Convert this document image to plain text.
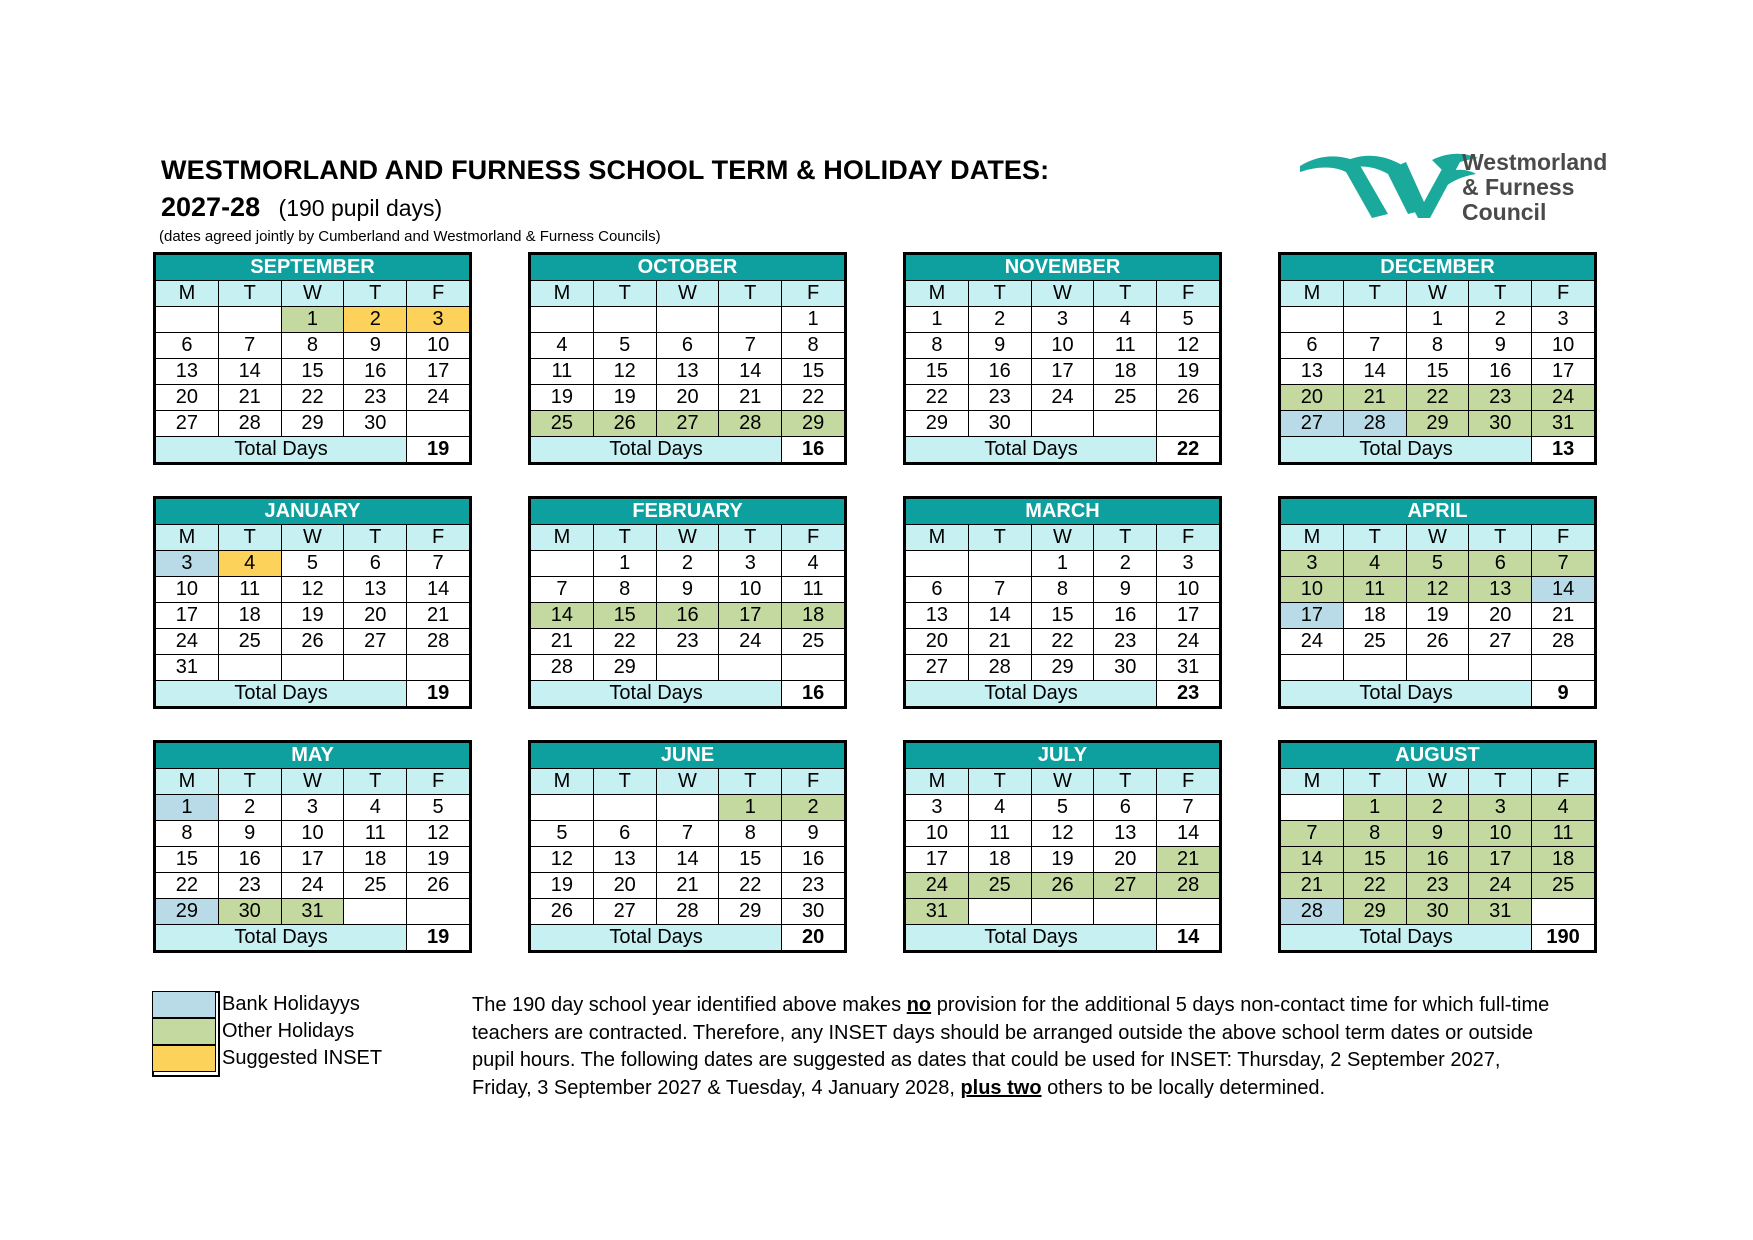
WESTMORLAND AND FURNESS SCHOOL TERM & HOLIDAY DATES:
2027-28 (190 pupil days)
(dates agreed jointly by Cumberland and Westmorland & Furness Councils)
Westmorland
& Furness
Council
SEPTEMBER				
M	T	W	T	F
		1	2	3
6	7	8	9	10
13	14	15	16	17
20	21	22	23	24
27	28	29	30	
Total Days				19
OCTOBER				
M	T	W	T	F
				1
4	5	6	7	8
11	12	13	14	15
19	19	20	21	22
25	26	27	28	29
Total Days				16
NOVEMBER				
M	T	W	T	F
1	2	3	4	5
8	9	10	11	12
15	16	17	18	19
22	23	24	25	26
29	30			
Total Days				22
DECEMBER				
M	T	W	T	F
		1	2	3
6	7	8	9	10
13	14	15	16	17
20	21	22	23	24
27	28	29	30	31
Total Days				13
JANUARY				
M	T	W	T	F
3	4	5	6	7
10	11	12	13	14
17	18	19	20	21
24	25	26	27	28
31				
Total Days				19
FEBRUARY				
M	T	W	T	F
	1	2	3	4
7	8	9	10	11
14	15	16	17	18
21	22	23	24	25
28	29			
Total Days				16
MARCH				
M	T	W	T	F
		1	2	3
6	7	8	9	10
13	14	15	16	17
20	21	22	23	24
27	28	29	30	31
Total Days				23
APRIL				
M	T	W	T	F
3	4	5	6	7
10	11	12	13	14
17	18	19	20	21
24	25	26	27	28

Total Days				9
MAY				
M	T	W	T	F
1	2	3	4	5
8	9	10	11	12
15	16	17	18	19
22	23	24	25	26
29	30	31		
Total Days				19
JUNE				
M	T	W	T	F
			1	2
5	6	7	8	9
12	13	14	15	16
19	20	21	22	23
26	27	28	29	30
Total Days				20
JULY				
M	T	W	T	F
3	4	5	6	7
10	11	12	13	14
17	18	19	20	21
24	25	26	27	28
31				
Total Days				14
AUGUST				
M	T	W	T	F
	1	2	3	4
7	8	9	10	11
14	15	16	17	18
21	22	23	24	25
28	29	30	31	
Total Days				190
Bank Holidayys
Other Holidays
Suggested INSET
The 190 day school year identified above makes no provision for the additional 5 days non-contact time for which full-time
teachers are contracted. Therefore, any INSET days should be arranged outside the above school term dates or outside
pupil hours. The following dates are suggested as dates that could be used for INSET: Thursday, 2 September 2027,
Friday, 3 September 2027 & Tuesday, 4 January 2028, plus two others to be locally determined.
